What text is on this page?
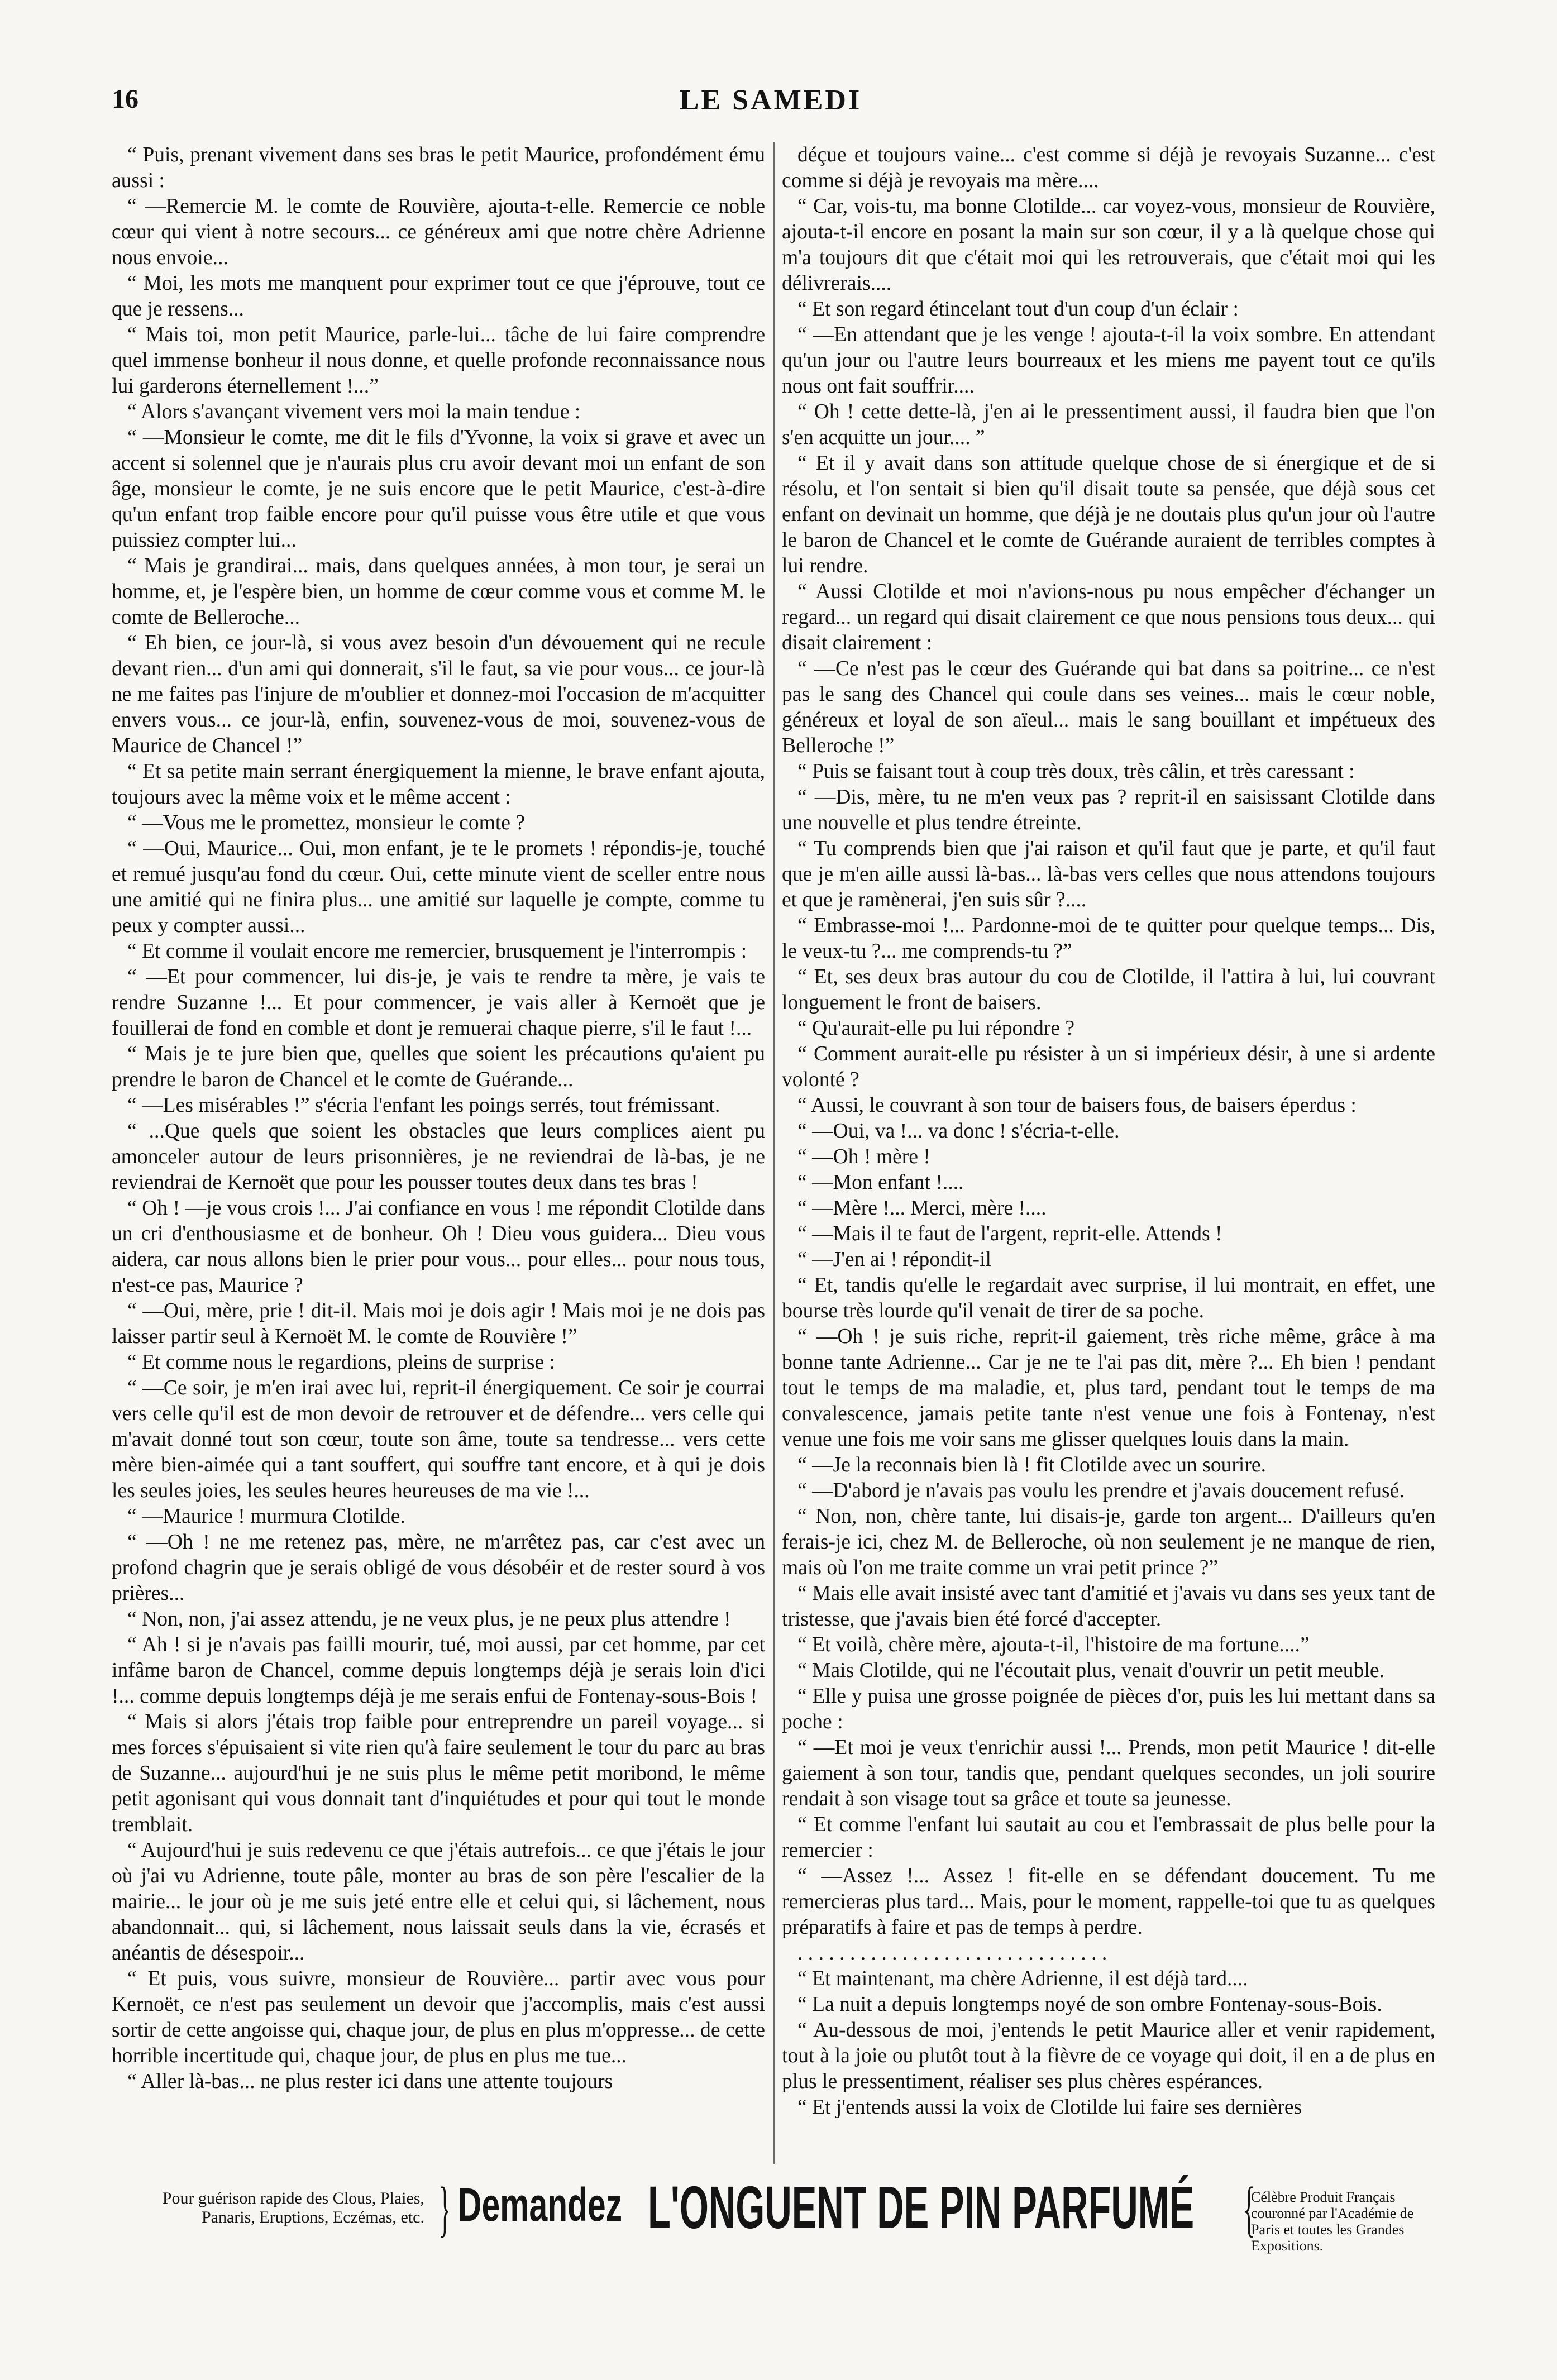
16	LE SAMEDI

“ Puis, prenant vivement dans ses bras le petit Maurice, profondément ému aussi :

“ —Remercie M. le comte de Rouvière, ajouta-t-elle. Remercie ce noble cœur qui vient à notre secours... ce généreux ami que notre chère Adrienne nous envoie...

“ Moi, les mots me manquent pour exprimer tout ce que j'éprouve, tout ce que je ressens...

“ Mais toi, mon petit Maurice, parle-lui... tâche de lui faire comprendre quel immense bonheur il nous donne, et quelle profonde reconnaissance nous lui garderons éternellement !...”

“ Alors s'avançant vivement vers moi la main tendue :

“ —Monsieur le comte, me dit le fils d'Yvonne, la voix si grave et avec un accent si solennel que je n'aurais plus cru avoir devant moi un enfant de son âge, monsieur le comte, je ne suis encore que le petit Maurice, c'est-à-dire qu'un enfant trop faible encore pour qu'il puisse vous être utile et que vous puissiez compter lui...

“ Mais je grandirai... mais, dans quelques années, à mon tour, je serai un homme, et, je l'espère bien, un homme de cœur comme vous et comme M. le comte de Belleroche...

“ Eh bien, ce jour-là, si vous avez besoin d'un dévouement qui ne recule devant rien... d'un ami qui donnerait, s'il le faut, sa vie pour vous... ce jour-là ne me faites pas l'injure de m'oublier et donnez-moi l'occasion de m'acquitter envers vous... ce jour-là, enfin, souvenez-vous de moi, souvenez-vous de Maurice de Chancel !”

“ Et sa petite main serrant énergiquement la mienne, le brave enfant ajouta, toujours avec la même voix et le même accent :

“ —Vous me le promettez, monsieur le comte ?

“ —Oui, Maurice... Oui, mon enfant, je te le promets ! répondis-je, touché et remué jusqu'au fond du cœur. Oui, cette minute vient de sceller entre nous une amitié qui ne finira plus... une amitié sur laquelle je compte, comme tu peux y compter aussi...

“ Et comme il voulait encore me remercier, brusquement je l'interrompis :

“ —Et pour commencer, lui dis-je, je vais te rendre ta mère, je vais te rendre Suzanne !... Et pour commencer, je vais aller à Kernoët que je fouillerai de fond en comble et dont je remuerai chaque pierre, s'il le faut !...

“ Mais je te jure bien que, quelles que soient les précautions qu'aient pu prendre le baron de Chancel et le comte de Guérande...

“ —Les misérables !” s'écria l'enfant les poings serrés, tout frémissant.

“ ...Que quels que soient les obstacles que leurs complices aient pu amonceler autour de leurs prisonnières, je ne reviendrai de là-bas, je ne reviendrai de Kernoët que pour les pousser toutes deux dans tes bras !

“ Oh ! —je vous crois !... J'ai confiance en vous ! me répondit Clotilde dans un cri d'enthousiasme et de bonheur. Oh ! Dieu vous guidera... Dieu vous aidera, car nous allons bien le prier pour vous... pour elles... pour nous tous, n'est-ce pas, Maurice ?

“ —Oui, mère, prie ! dit-il. Mais moi je dois agir ! Mais moi je ne dois pas laisser partir seul à Kernoët M. le comte de Rouvière !”

“ Et comme nous le regardions, pleins de surprise :

“ —Ce soir, je m'en irai avec lui, reprit-il énergiquement. Ce soir je courrai vers celle qu'il est de mon devoir de retrouver et de défendre... vers celle qui m'avait donné tout son cœur, toute son âme, toute sa tendresse... vers cette mère bien-aimée qui a tant souffert, qui souffre tant encore, et à qui je dois les seules joies, les seules heures heureuses de ma vie !...

“ —Maurice ! murmura Clotilde.

“ —Oh ! ne me retenez pas, mère, ne m'arrêtez pas, car c'est avec un profond chagrin que je serais obligé de vous désobéir et de rester sourd à vos prières...

“ Non, non, j'ai assez attendu, je ne veux plus, je ne peux plus attendre !

“ Ah ! si je n'avais pas failli mourir, tué, moi aussi, par cet homme, par cet infâme baron de Chancel, comme depuis longtemps déjà je serais loin d'ici !... comme depuis longtemps déjà je me serais enfui de Fontenay-sous-Bois !

“ Mais si alors j'étais trop faible pour entreprendre un pareil voyage... si mes forces s'épuisaient si vite rien qu'à faire seulement le tour du parc au bras de Suzanne... aujourd'hui je ne suis plus le même petit moribond, le même petit agonisant qui vous donnait tant d'inquiétudes et pour qui tout le monde tremblait.

“ Aujourd'hui je suis redevenu ce que j'étais autrefois... ce que j'étais le jour où j'ai vu Adrienne, toute pâle, monter au bras de son père l'escalier de la mairie... le jour où je me suis jeté entre elle et celui qui, si lâchement, nous abandonnait... qui, si lâchement, nous laissait seuls dans la vie, écrasés et anéantis de désespoir...

“ Et puis, vous suivre, monsieur de Rouvière... partir avec vous pour Kernoët, ce n'est pas seulement un devoir que j'accomplis, mais c'est aussi sortir de cette angoisse qui, chaque jour, de plus en plus m'oppresse... de cette horrible incertitude qui, chaque jour, de plus en plus me tue...

“ Aller là-bas... ne plus rester ici dans une attente toujours

déçue et toujours vaine... c'est comme si déjà je revoyais Suzanne... c'est comme si déjà je revoyais ma mère....

“ Car, vois-tu, ma bonne Clotilde... car voyez-vous, monsieur de Rouvière, ajouta-t-il encore en posant la main sur son cœur, il y a là quelque chose qui m'a toujours dit que c'était moi qui les retrouverais, que c'était moi qui les délivrerais....

“ Et son regard étincelant tout d'un coup d'un éclair :

“ —En attendant que je les venge ! ajouta-t-il la voix sombre. En attendant qu'un jour ou l'autre leurs bourreaux et les miens me payent tout ce qu'ils nous ont fait souffrir....

“ Oh ! cette dette-là, j'en ai le pressentiment aussi, il faudra bien que l'on s'en acquitte un jour.... ”

“ Et il y avait dans son attitude quelque chose de si énergique et de si résolu, et l'on sentait si bien qu'il disait toute sa pensée, que déjà sous cet enfant on devinait un homme, que déjà je ne doutais plus qu'un jour où l'autre le baron de Chancel et le comte de Guérande auraient de terribles comptes à lui rendre.

“ Aussi Clotilde et moi n'avions-nous pu nous empêcher d'échanger un regard... un regard qui disait clairement ce que nous pensions tous deux... qui disait clairement :

“ —Ce n'est pas le cœur des Guérande qui bat dans sa poitrine... ce n'est pas le sang des Chancel qui coule dans ses veines... mais le cœur noble, généreux et loyal de son aïeul... mais le sang bouillant et impétueux des Belleroche !”

“ Puis se faisant tout à coup très doux, très câlin, et très caressant :

“ —Dis, mère, tu ne m'en veux pas ? reprit-il en saisissant Clotilde dans une nouvelle et plus tendre étreinte.

“ Tu comprends bien que j'ai raison et qu'il faut que je parte, et qu'il faut que je m'en aille aussi là-bas... là-bas vers celles que nous attendons toujours et que je ramènerai, j'en suis sûr ?....

“ Embrasse-moi !... Pardonne-moi de te quitter pour quelque temps... Dis, le veux-tu ?... me comprends-tu ?”

“ Et, ses deux bras autour du cou de Clotilde, il l'attira à lui, lui couvrant longuement le front de baisers.

“ Qu'aurait-elle pu lui répondre ?

“ Comment aurait-elle pu résister à un si impérieux désir, à une si ardente volonté ?

“ Aussi, le couvrant à son tour de baisers fous, de baisers éperdus :

“ —Oui, va !... va donc ! s'écria-t-elle.

“ —Oh ! mère !

“ —Mon enfant !....

“ —Mère !... Merci, mère !....

“ —Mais il te faut de l'argent, reprit-elle. Attends !

“ —J'en ai ! répondit-il

“ Et, tandis qu'elle le regardait avec surprise, il lui montrait, en effet, une bourse très lourde qu'il venait de tirer de sa poche.

“ —Oh ! je suis riche, reprit-il gaiement, très riche même, grâce à ma bonne tante Adrienne... Car je ne te l'ai pas dit, mère ?... Eh bien ! pendant tout le temps de ma maladie, et, plus tard, pendant tout le temps de ma convalescence, jamais petite tante n'est venue une fois à Fontenay, n'est venue une fois me voir sans me glisser quelques louis dans la main.

“ —Je la reconnais bien là ! fit Clotilde avec un sourire.

“ —D'abord je n'avais pas voulu les prendre et j'avais doucement refusé.

“ Non, non, chère tante, lui disais-je, garde ton argent... D'ailleurs qu'en ferais-je ici, chez M. de Belleroche, où non seulement je ne manque de rien, mais où l'on me traite comme un vrai petit prince ?”

“ Mais elle avait insisté avec tant d'amitié et j'avais vu dans ses yeux tant de tristesse, que j'avais bien été forcé d'accepter.

“ Et voilà, chère mère, ajouta-t-il, l'histoire de ma fortune....”

“ Mais Clotilde, qui ne l'écoutait plus, venait d'ouvrir un petit meuble.

“ Elle y puisa une grosse poignée de pièces d'or, puis les lui mettant dans sa poche :

“ —Et moi je veux t'enrichir aussi !... Prends, mon petit Maurice ! dit-elle gaiement à son tour, tandis que, pendant quelques secondes, un joli sourire rendait à son visage tout sa grâce et toute sa jeunesse.

“ Et comme l'enfant lui sautait au cou et l'embrassait de plus belle pour la remercier :

“ —Assez !... Assez ! fit-elle en se défendant doucement. Tu me remercieras plus tard... Mais, pour le moment, rappelle-toi que tu as quelques préparatifs à faire et pas de temps à perdre.

. . . . . . . . . . . . . . . . . . . . . . . . . . . . . .

“ Et maintenant, ma chère Adrienne, il est déjà tard....

“ La nuit a depuis longtemps noyé de son ombre Fontenay-sous-Bois.

“ Au-dessous de moi, j'entends le petit Maurice aller et venir rapidement, tout à la joie ou plutôt tout à la fièvre de ce voyage qui doit, il en a de plus en plus le pressentiment, réaliser ses plus chères espérances.

“ Et j'entends aussi la voix de Clotilde lui faire ses dernières

Pour guérison rapide des Clous, Plaies, Panaris, Eruptions, Eczémas, etc. } Demandez L'ONGUENT DE PIN PARFUMÉ {
Célèbre Produit Français couronné par l'Académie de Paris et toutes les Grandes Expositions.
